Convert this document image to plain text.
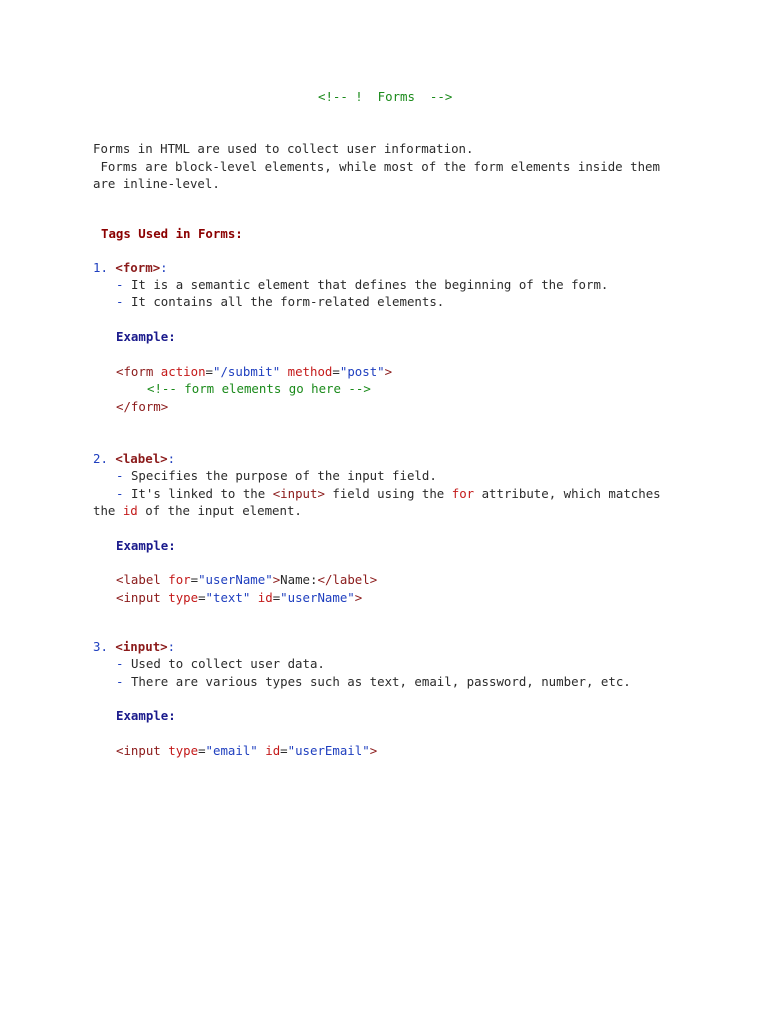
<!-- !  Forms  -->
Forms in HTML are used to collect user information.
Forms are block-level elements, while most of the form elements inside them
are inline-level.
Tags Used in Forms:
1. <form>:
- It is a semantic element that defines the beginning of the form.
- It contains all the form-related elements.
Example:
<form action="/submit" method="post">
<!-- form elements go here -->
</form>
2. <label>:
- Specifies the purpose of the input field.
- It's linked to the <input> field using the for attribute, which matches
the id of the input element.
Example:
<label for="userName">Name:</label>
<input type="text" id="userName">
3. <input>:
- Used to collect user data.
- There are various types such as text, email, password, number, etc.
Example:
<input type="email" id="userEmail">
